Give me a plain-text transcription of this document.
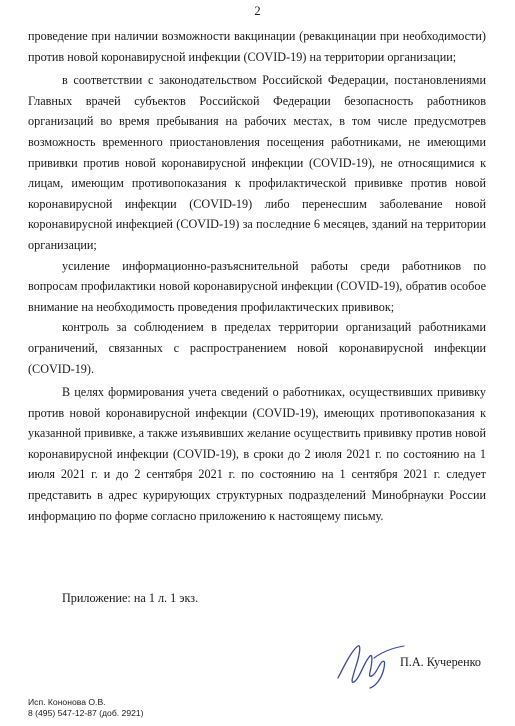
2

проведение при наличии возможности вакцинации (ревакцинации при необходимости) против новой коронавирусной инфекции (COVID-19) на территории организации;

в соответствии с законодательством Российской Федерации, постановлениями Главных врачей субъектов Российской Федерации безопасность работников организаций во время пребывания на рабочих местах, в том числе предусмотрев возможность временного приостановления посещения работниками, не имеющими прививки против новой коронавирусной инфекции (COVID-19), не относящимися к лицам, имеющим противопоказания к профилактической прививке против новой коронавирусной инфекции (COVID-19) либо перенесшим заболевание новой коронавирусной инфекцией (COVID-19) за последние 6 месяцев, зданий на территории организации;

усиление информационно-разъяснительной работы среди работников по вопросам профилактики новой коронавирусной инфекции (COVID-19), обратив особое внимание на необходимость проведения профилактических прививок;

контроль за соблюдением в пределах территории организаций работниками ограничений, связанных с распространением новой коронавирусной инфекции (COVID-19).

В целях формирования учета сведений о работниках, осуществивших прививку против новой коронавирусной инфекции (COVID-19), имеющих противопоказания к указанной прививке, а также изъявивших желание осуществить прививку против новой коронавирусной инфекции (COVID-19), в сроки до 2 июля 2021 г. по состоянию на 1 июля 2021 г. и до 2 сентября 2021 г. по состоянию на 1 сентября 2021 г. следует представить в адрес курирующих структурных подразделений Минобрнауки России информацию по форме согласно приложению к настоящему письму.

Приложение: на 1 л. 1 экз.
П.А. Кучеренко
Исп. Кононова О.В.
8 (495) 547-12-87 (доб. 2921)
